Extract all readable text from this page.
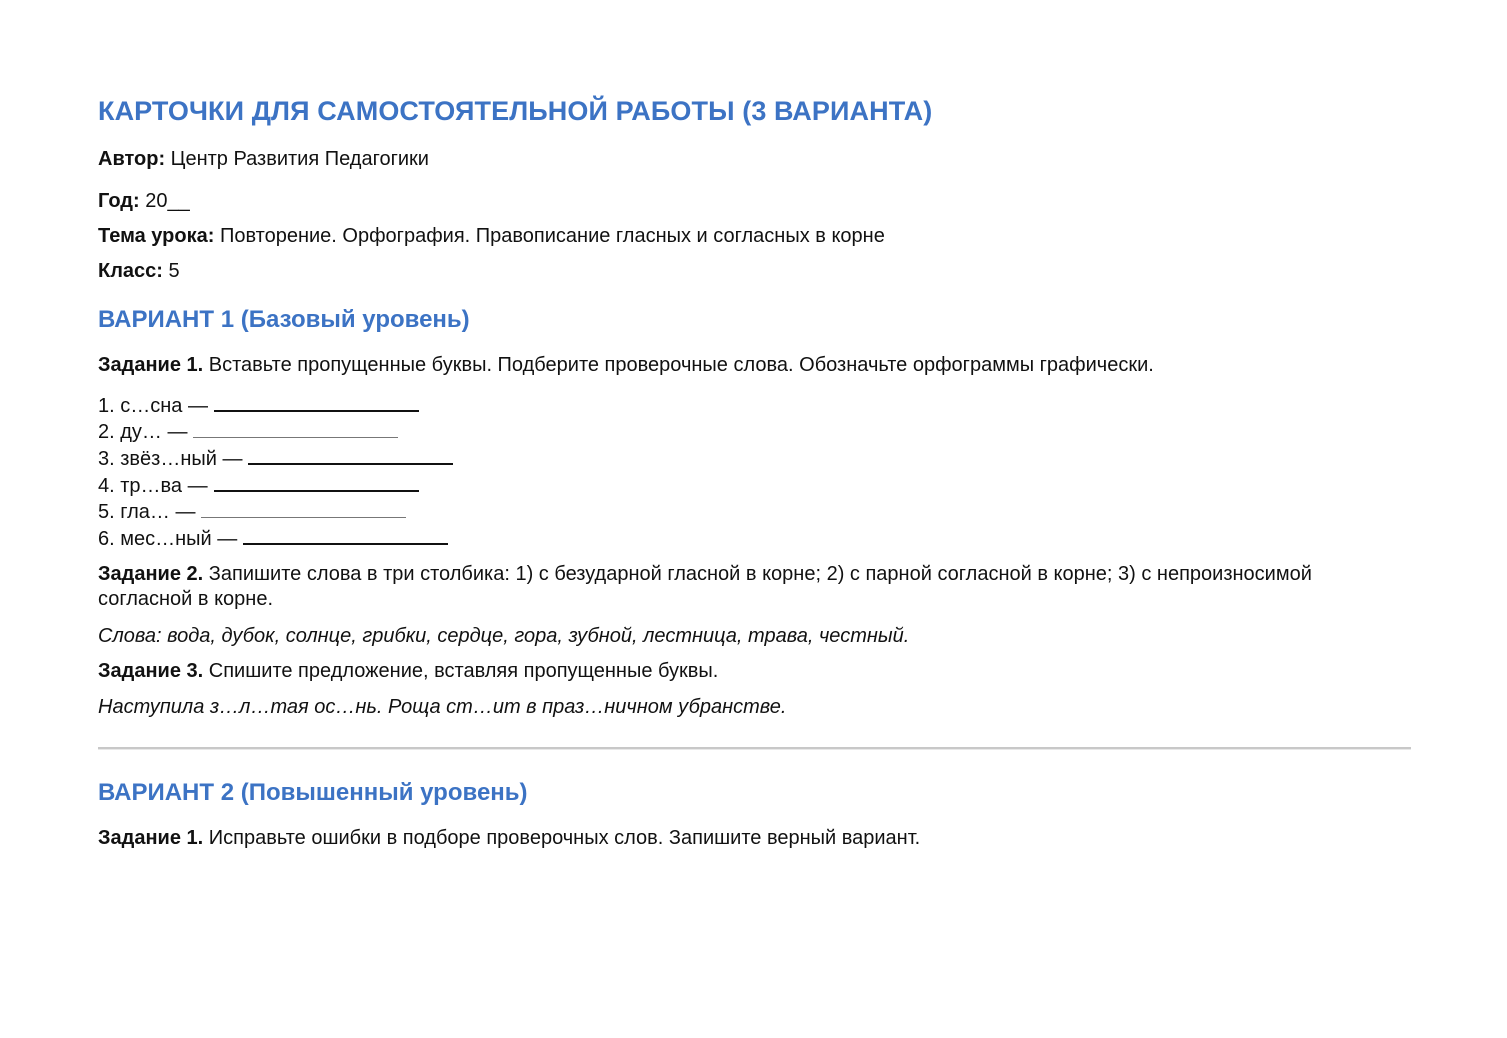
КАРТОЧКИ ДЛЯ САМОСТОЯТЕЛЬНОЙ РАБОТЫ (3 ВАРИАНТА)

Автор: Центр Развития Педагогики

Год: 20__

Тема урока: Повторение. Орфография. Правописание гласных и согласных в корне

Класс: 5

ВАРИАНТ 1 (Базовый уровень)

Задание 1. Вставьте пропущенные буквы. Подберите проверочные слова. Обозначьте орфограммы графически.

1. с…сна —
2. ду… —
3. звёз…ный —
4. тр…ва —
5. гла… —
6. мес…ный —

Задание 2. Запишите слова в три столбика: 1) с безударной гласной в корне; 2) с парной согласной в корне; 3) с непроизносимой согласной в корне.

Слова: вода, дубок, солнце, грибки, сердце, гора, зубной, лестница, трава, честный.

Задание 3. Спишите предложение, вставляя пропущенные буквы.

Наступила з…л…тая ос…нь. Роща ст…ит в праз…ничном убранстве.

ВАРИАНТ 2 (Повышенный уровень)

Задание 1. Исправьте ошибки в подборе проверочных слов. Запишите верный вариант.
